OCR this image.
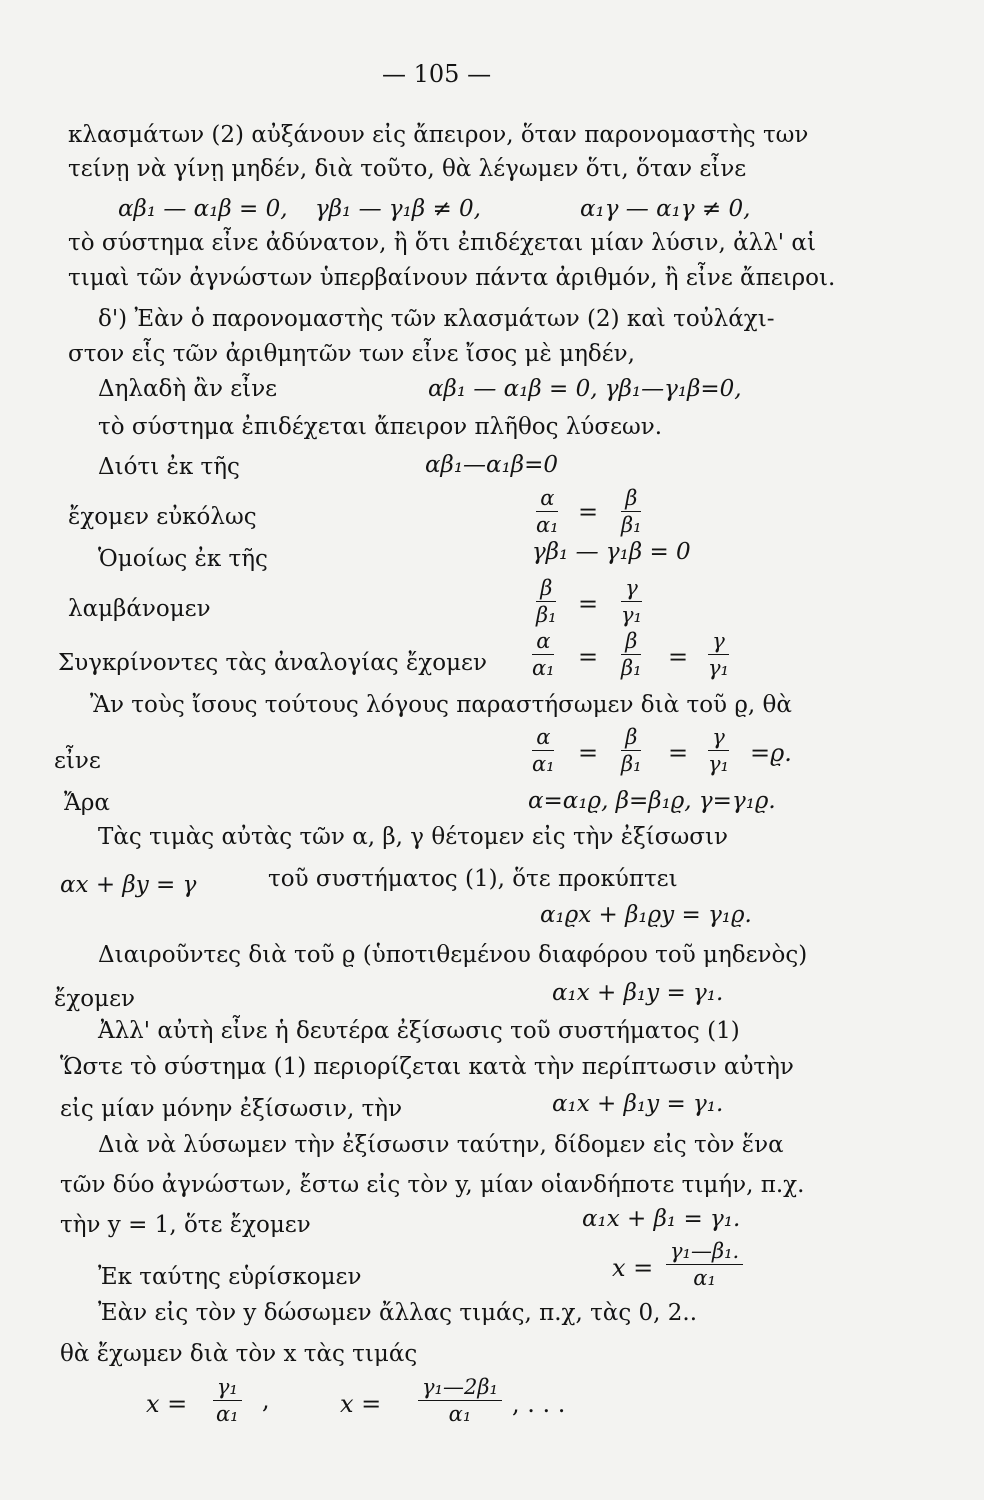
— 105 —
κλασμάτων (2) αὐξάνουν εἰς ἄπειρον, ὅταν παρονομαστὴς των
τείνῃ νὰ γίνῃ μηδέν, διὰ τοῦτο, θὰ λέγωμεν ὅτι, ὅταν εἶνε
αβ₁ — α₁β = 0, γβ₁ — γ₁β ≠ 0,	α₁γ — α₁γ ≠ 0,
τὸ σύστημα εἶνε ἀδύνατον, ἢ ὅτι ἐπιδέχεται μίαν λύσιν, ἀλλ' αἱ
τιμαὶ τῶν ἀγνώστων ὑπερβαίνουν πάντα ἀριθμόν, ἢ εἶνε ἄπειροι.
δ') Ἐὰν ὁ παρονομαστὴς τῶν κλασμάτων (2) καὶ τοὐλάχι-
στον εἷς τῶν ἀριθμητῶν των εἶνε ἴσος μὲ μηδέν,
Δηλαδὴ ἂν εἶνε	αβ₁ — α₁β = 0, γβ₁—γ₁β=0,
τὸ σύστημα ἐπιδέχεται ἄπειρον πλῆθος λύσεων.
Διότι ἐκ τῆς	αβ₁—α₁β=0
ἔχομεν εὐκόλως	$\frac{\alpha}{\text{α₁}} = \frac{\beta}{\text{β₁}}$
Ὁμοίως ἐκ τῆς	γβ₁ — γ₁β = 0
λαμβάνομεν	$\frac{\beta}{\text{β₁}} = \frac{\gamma}{\text{γ₁}}$
Συγκρίνοντες τὰς ἀναλογίας ἔχομεν $\frac{\alpha}{\text{α₁}} = \frac{\beta}{\text{β₁}} = \frac{\gamma}{\text{γ₁}}$
Ἂν τοὺς ἴσους τούτους λόγους παραστήσωμεν διὰ τοῦ ϱ, θὰ
εἶνε	$\frac{\alpha}{\text{α₁}} = \frac{\beta}{\text{β₁}} = \frac{\gamma}{\text{γ₁}} =ϱ$.
Ἄρα	α=α₁ϱ, β=β₁ϱ, γ=γ₁ϱ.
Τὰς τιμὰς αὐτὰς τῶν α, β, γ θέτομεν εἰς τὴν ἐξίσωσιν
αx + βy = γ	τοῦ συστήματος (1), ὅτε προκύπτει
α₁ϱx + β₁ϱy = γ₁ϱ.
Διαιροῦντες διὰ τοῦ ϱ (ὑποτιθεμένου διαφόρου τοῦ μηδενὸς)
ἔχομεν	α₁x + β₁y = γ₁.
Ἀλλ' αὐτὴ εἶνε ἡ δευτέρα ἐξίσωσις τοῦ συστήματος (1)
Ὥστε τὸ σύστημα (1) περιορίζεται κατὰ τὴν περίπτωσιν αὐτὴν
εἰς μίαν μόνην ἐξίσωσιν, τὴν	α₁x + β₁y = γ₁.
Διὰ νὰ λύσωμεν τὴν ἐξίσωσιν ταύτην, δίδομεν εἰς τὸν ἕνα
τῶν δύο ἀγνώστων, ἔστω εἰς τὸν y, μίαν οἱανδήποτε τιμήν, π.χ.
τὴν y = 1, ὅτε ἔχομεν	α₁x + β₁ = γ₁.
Ἐκ ταύτης εὑρίσκομεν	$x = \frac{\text{γ₁—β₁.}}{\text{α₁}}$
Ἐὰν εἰς τὸν y δώσωμεν ἄλλας τιμάς, π.χ, τὰς 0, 2..
θὰ ἔχωμεν διὰ τὸν x τὰς τιμάς
$x = \frac{\text{γ₁}}{\text{α₁}}$ ,	$x = \frac{\text{γ₁—2β₁}}{\text{α₁}}$ , . . .
